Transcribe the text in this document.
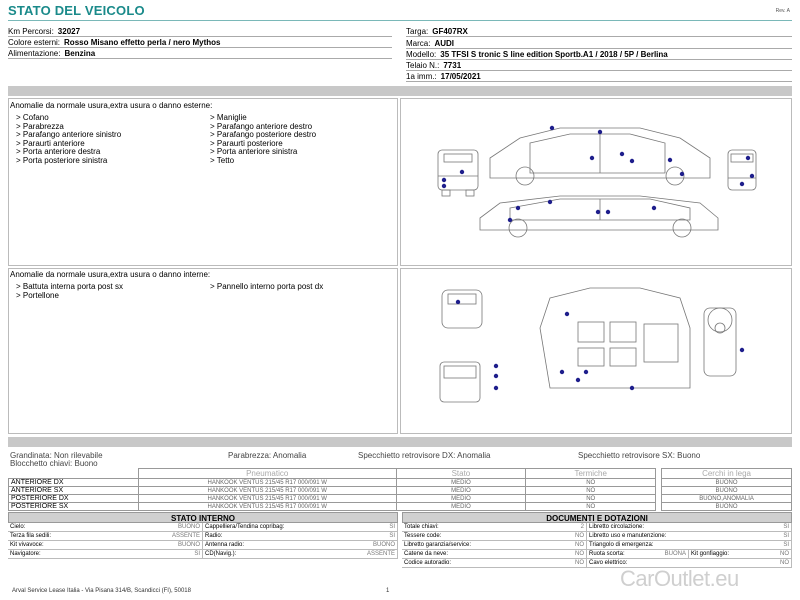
STATO DEL VEICOLO	Rev. A
Km Percorsi: 32027
Colore esterni: Rosso Misano effetto perla / nero Mythos
Alimentazione: Benzina
Targa: GF407RX
Marca: AUDI
Modello: 35 TFSI S tronic S line edition Sportb.A1 / 2018 / 5P / Berlina
Telaio N.: 7731
1a imm.: 17/05/2021
Anomalie da normale usura,extra usura o danno esterne:
> Cofano
> Parabrezza
> Parafango anteriore sinistro
> Paraurti anteriore
> Porta anteriore destra
> Porta posteriore sinistra
> Maniglie
> Parafango anteriore destro
> Parafango posteriore destro
> Paraurti posteriore
> Porta anteriore sinistra
> Tetto
Anomalie da normale usura,extra usura o danno interne:
> Battuta interna porta post sx
> Portellone
> Pannello interno porta post dx
Grandinata: Non rilevabile	Parabrezza: Anomalia	Specchietto retrovisore DX: Anomalia	Specchietto retrovisore SX: Buono
Blocchetto chiavi: Buono
	Pneumatico	Stato	Termiche		Cerchi in lega
ANTERIORE DX	HANKOOK VENTUS 215/45 R17 000/091 W	MEDIO	NO		BUONO
ANTERIORE SX	HANKOOK VENTUS 215/45 R17 000/091 W	MEDIO	NO		BUONO
POSTERIORE DX	HANKOOK VENTUS 215/45 R17 000/091 W	MEDIO	NO		BUONO,ANOMALIA
POSTERIORE SX	HANKOOK VENTUS 215/45 R17 000/091 W	MEDIO	NO		BUONO
STATO INTERNO
Cielo:	BUONO Cappelliera/Tendina copribag:	SI
Terza fila sedili:	ASSENTE Radio:	SI
Kit vivavoce:	BUONO Antenna radio:	BUONO
Navigatore:	SI CD(Navig.):	ASSENTE
DOCUMENTI E DOTAZIONI
Totale chiavi:	2 Libretto circolazione:	SI
Tessere code:	NO Libretto uso e manutenzione:	SI
Libretto garanzia/service:	NO Triangolo di emergenza:	SI
Catene da neve:	NO Ruota scorta:	BUONA Kit gonfiaggio:	NO
Codice autoradio:	NO Cavo elettrico:	NO
Arval Service Lease Italia - Via Pisana 314/B, Scandicci (FI), 50018	1	CarOutlet.eu
